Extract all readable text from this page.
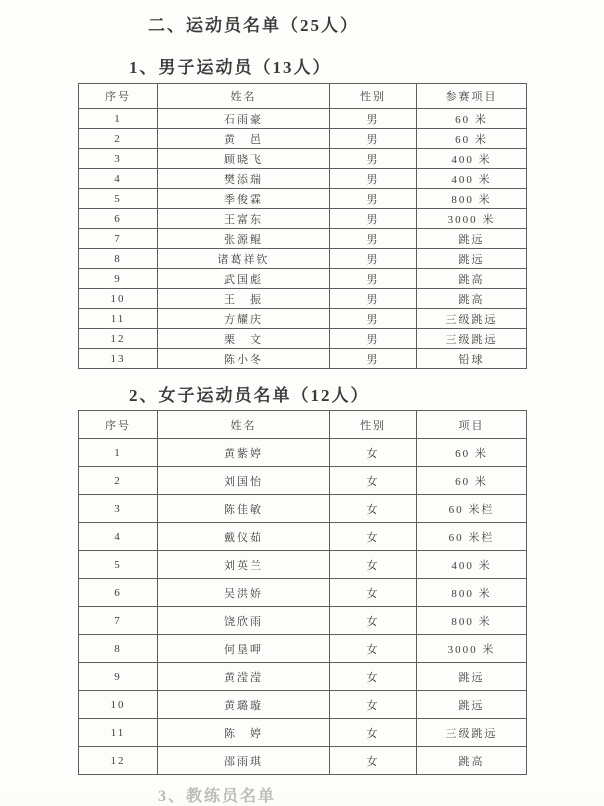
二、运动员名单（25人）
1、男子运动员（13人）
序号	姓名	性别	参赛项目
1	石雨豪	男	60 米
2	黄　邑	男	60 米
3	顾晓飞	男	400 米
4	樊添瑞	男	400 米
5	季俊霖	男	800 米
6	王富东	男	3000 米
7	张源鲲	男	跳远
8	诸葛祥钦	男	跳远
9	武国彪	男	跳高
10	王　振	男	跳高
11	方耀庆	男	三级跳远
12	栗　文	男	三级跳远
13	陈小冬	男	铅球
2、女子运动员名单（12人）
序号	姓名	性别	项目
1	黄紫婷	女	60 米
2	刘国怡	女	60 米
3	陈佳敏	女	60 米栏
4	戴仪茹	女	60 米栏
5	刘英兰	女	400 米
6	吴洪娇	女	800 米
7	饶欣雨	女	800 米
8	何垦呷	女	3000 米
9	黄滢滢	女	跳远
10	黄璐璇	女	跳远
11	陈　婷	女	三级跳远
12	邵雨琪	女	跳高
3、教练员名单
